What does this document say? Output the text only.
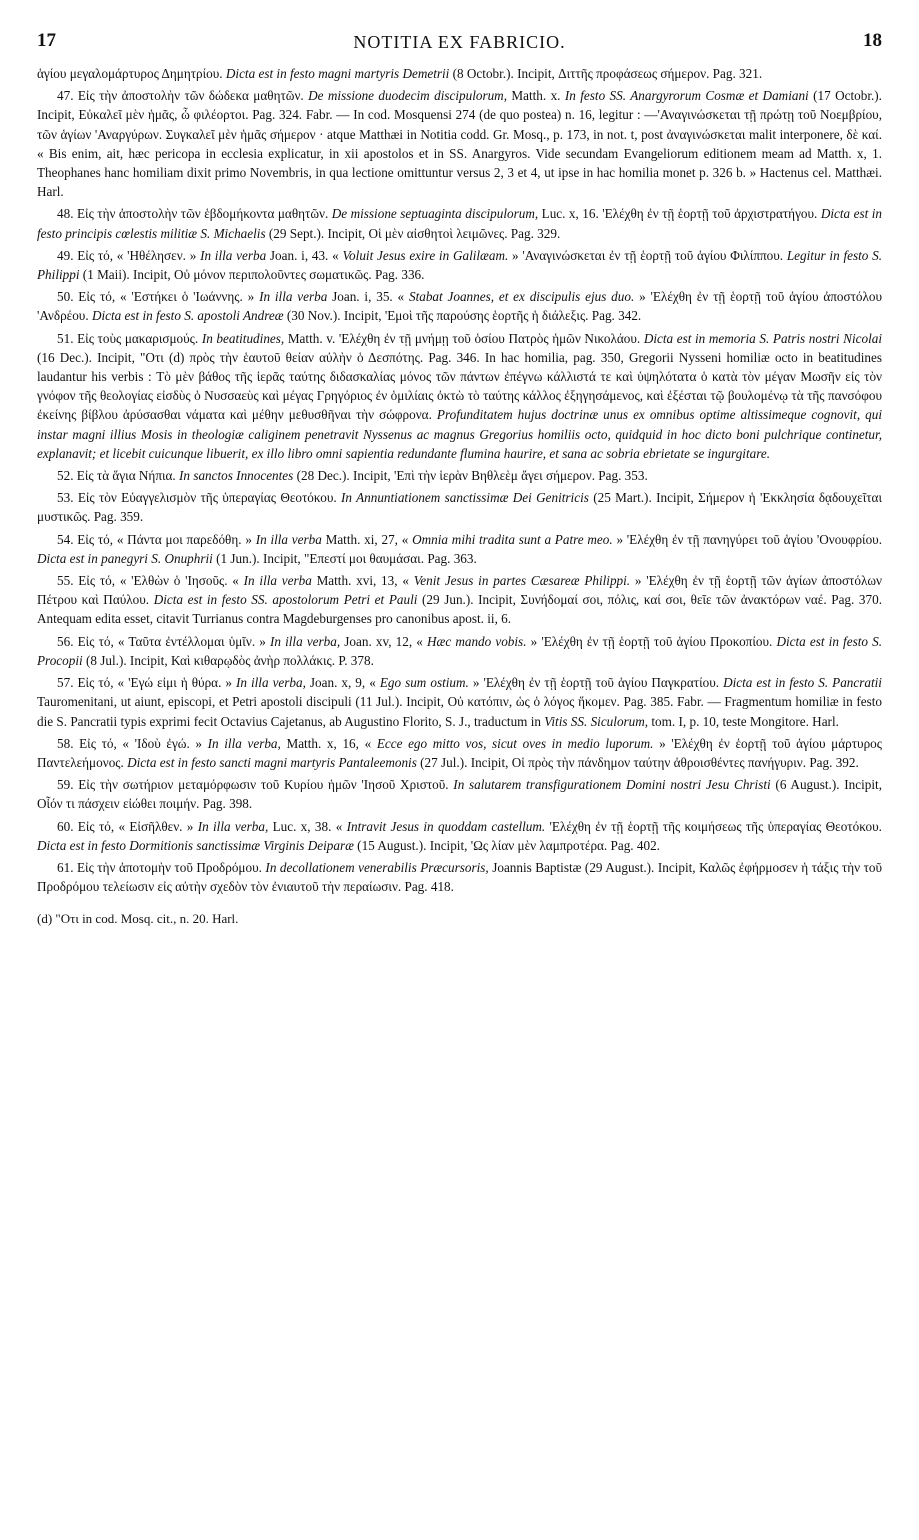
17	NOTITIA EX FABRICIO.	18

ἁγίου μεγαλομάρτυρος Δημητρίου. Dicta est in festo magni martyris Demetrii (8 Octobr.). Incipit, Διττῆς προφάσεως σήμερον. Pag. 321.

47. Εἰς τὴν ἀποστολὴν τῶν δώδεκα μαθητῶν. De missione duodecim discipulorum, Matth. x. In festo SS. Anargyrorum Cosmæ et Damiani (17 Octobr.). Incipit, Εὐκαλεῖ μὲν ἡμᾶς, ὦ φιλέορτοι. Pag. 324. Fabr. — In cod. Mosquensi 274 (de quo postea) n. 16, legitur : —'Αναγινώσκεται τῇ πρώτῃ τοῦ Νοεμβρίου, τῶν ἁγίων 'Αναργύρων. Συγκαλεῖ μὲν ἡμᾶς σήμερον · atque Matthæi in Notitia codd. Gr. Mosq., p. 173, in not. t, post ἀναγινώσκεται malit interponere, δὲ καί. « Bis enim, ait, hæc pericopa in ecclesia explicatur, in xii apostolos et in SS. Anargyros. Vide secundam Evangeliorum editionem meam ad Matth. x, 1. Theophanes hanc homiliam dixit primo Novembris, in qua lectione omittuntur versus 2, 3 et 4, ut ipse in hac homilia monet p. 326 b. » Hactenus cel. Matthæi. Harl.

48. Εἰς τὴν ἀποστολὴν τῶν ἑβδομήκοντα μαθητῶν. De missione septuaginta discipulorum, Luc. x, 16. 'Ελέχθη ἐν τῇ ἑορτῇ τοῦ ἀρχιστρατήγου. Dicta est in festo principis cœlestis militiæ S. Michaelis (29 Sept.). Incipit, Οἱ μὲν αἰσθητοὶ λειμῶνες. Pag. 329.

49. Εἰς τό, « 'Ηθέλησεν. » In illa verba Joan. i, 43. « Voluit Jesus exire in Galilæam. » 'Αναγινώσκεται ἐν τῇ ἑορτῇ τοῦ ἁγίου Φιλίππου. Legitur in festo S. Philippi (1 Maii). Incipit, Οὐ μόνον περιπολοῦντες σωματικῶς. Pag. 336.

50. Εἰς τό, « 'Εστήκει ὁ 'Ιωάννης. » In illa verba Joan. i, 35. « Stabat Joannes, et ex discipulis ejus duo. » 'Ελέχθη ἐν τῇ ἑορτῇ τοῦ ἁγίου ἀποστόλου 'Ανδρέου. Dicta est in festo S. apostoli Andreæ (30 Nov.). Incipit, 'Εμοὶ τῆς παρούσης ἑορτῆς ἡ διάλεξις. Pag. 342.

51. Εἰς τοὺς μακαρισμούς. In beatitudines, Matth. v. 'Ελέχθη ἐν τῇ μνήμῃ τοῦ ὁσίου Πατρὸς ἡμῶν Νικολάου. Dicta est in memoria S. Patris nostri Nicolai (16 Dec.). Incipit, "Οτι (d) πρὸς τὴν ἑαυτοῦ θείαν αὐλὴν ὁ Δεσπότης. Pag. 346. In hac homilia, pag. 350, Gregorii Nysseni homiliæ octo in beatitudines laudantur his verbis : Τὸ μὲν βάθος τῆς ἱερᾶς ταύτης διδασκαλίας μόνος τῶν πάντων ἐπέγνω κάλλιστά τε καὶ ὑψηλότατα ὁ κατὰ τὸν μέγαν Μωσῆν εἰς τὸν γνόφον τῆς θεολογίας εἰσδὺς ὁ Νυσσαεὺς καὶ μέγας Γρηγόριος ἐν ὁμιλίαις ὀκτὼ τὸ ταύτης κάλλος ἐξηγησάμενος, καὶ ἐξέσται τῷ βουλομένῳ τὰ τῆς πανσόφου ἐκείνης βίβλου ἀρύσασθαι νάματα καὶ μέθην μεθυσθῆναι τὴν σώφρονα. Profunditatem hujus doctrinæ unus ex omnibus optime altissimeque cognovit, qui instar magni illius Mosis in theologiæ caliginem penetravit Nyssenus ac magnus Gregorius homiliis octo, quidquid in hoc dicto boni pulchrique continetur, explanavit; et licebit cuicunque libuerit, ex illo libro omni sapientia redundante flumina haurire, et sana ac sobria ebrietate se ingurgitare.

52. Εἰς τὰ ἅγια Νήπια. In sanctos Innocentes (28 Dec.). Incipit, 'Επὶ τὴν ἱερὰν Βηθλεὲμ ἄγει σήμερον. Pag. 353.

53. Εἰς τὸν Εὐαγγελισμὸν τῆς ὑπεραγίας Θεοτόκου. In Annuntiationem sanctissimæ Dei Genitricis (25 Mart.). Incipit, Σήμερον ἡ 'Εκκλησία δᾳδουχεῖται μυστικῶς. Pag. 359.

54. Εἰς τό, « Πάντα μοι παρεδόθη. » In illa verba Matth. xi, 27, « Omnia mihi tradita sunt a Patre meo. » 'Ελέχθη ἐν τῇ πανηγύρει τοῦ ἁγίου 'Ονουφρίου. Dicta est in panegyri S. Onuphrii (1 Jun.). Incipit, "Επεστί μοι θαυμάσαι. Pag. 363.

55. Εἰς τό, « 'Ελθὼν ὁ 'Ιησοῦς. « In illa verba Matth. xvi, 13, « Venit Jesus in partes Cæsareæ Philippi. » 'Ελέχθη ἐν τῇ ἑορτῇ τῶν ἁγίων ἀποστόλων Πέτρου καὶ Παύλου. Dicta est in festo SS. apostolorum Petri et Pauli (29 Jun.). Incipit, Συνήδομαί σοι, πόλις, καί σοι, θεῖε τῶν ἀνακτόρων ναέ. Pag. 370. Antequam edita esset, citavit Turrianus contra Magdeburgenses pro canonibus apost. ii, 6.

56. Εἰς τό, « Ταῦτα ἐντέλλομαι ὑμῖν. » In illa verba, Joan. xv, 12, « Hæc mando vobis. » 'Ελέχθη ἐν τῇ ἑορτῇ τοῦ ἁγίου Προκοπίου. Dicta est in festo S. Procopii (8 Jul.). Incipit, Καὶ κιθαρῳδὸς ἀνὴρ πολλάκις. P. 378.

57. Εἰς τό, « 'Εγώ εἰμι ἡ θύρα. » In illa verba, Joan. x, 9, « Ego sum ostium. » 'Ελέχθη ἐν τῇ ἑορτῇ τοῦ ἁγίου Παγκρατίου. Dicta est in festo S. Pancratii Tauromenitani, ut aiunt, episcopi, et Petri apostoli discipuli (11 Jul.). Incipit, Οὐ κατόπιν, ὡς ὁ λόγος ἥκομεν. Pag. 385. Fabr. — Fragmentum homiliæ in festo die S. Pancratii typis exprimi fecit Octavius Cajetanus, ab Augustino Florito, S. J., traductum in Vitis SS. Siculorum, tom. I, p. 10, teste Mongitore. Harl.

58. Εἰς τό, « 'Ιδοὺ ἐγώ. » In illa verba, Matth. x, 16, « Ecce ego mitto vos, sicut oves in medio luporum. » 'Ελέχθη ἐν ἑορτῇ τοῦ ἁγίου μάρτυρος Παντελεήμονος. Dicta est in festo sancti magni martyris Pantaleemonis (27 Jul.). Incipit, Οἱ πρὸς τὴν πάνδημον ταύτην ἀθροισθέντες πανήγυριν. Pag. 392.

59. Εἰς τὴν σωτήριον μεταμόρφωσιν τοῦ Κυρίου ἡμῶν 'Ιησοῦ Χριστοῦ. In salutarem transfigurationem Domini nostri Jesu Christi (6 August.). Incipit, Οἷόν τι πάσχειν εἰώθει ποιμήν. Pag. 398.

60. Εἰς τό, « Εἰσῆλθεν. » In illa verba, Luc. x, 38. « Intravit Jesus in quoddam castellum. 'Ελέχθη ἐν τῇ ἑορτῇ τῆς κοιμήσεως τῆς ὑπεραγίας Θεοτόκου. Dicta est in festo Dormitionis sanctissimæ Virginis Deiparæ (15 August.). Incipit, 'Ως λίαν μὲν λαμπροτέρα. Pag. 402.

61. Εἰς τὴν ἀποτομὴν τοῦ Προδρόμου. In decollationem venerabilis Præcursoris, Joannis Baptistæ (29 August.). Incipit, Καλῶς ἐφήρμοσεν ἡ τάξις τὴν τοῦ Προδρόμου τελείωσιν εἰς αὐτὴν σχεδὸν τὸν ἐνιαυτοῦ τὴν περαίωσιν. Pag. 418.

(d) "Οτι in cod. Mosq. cit., n. 20. Harl.
